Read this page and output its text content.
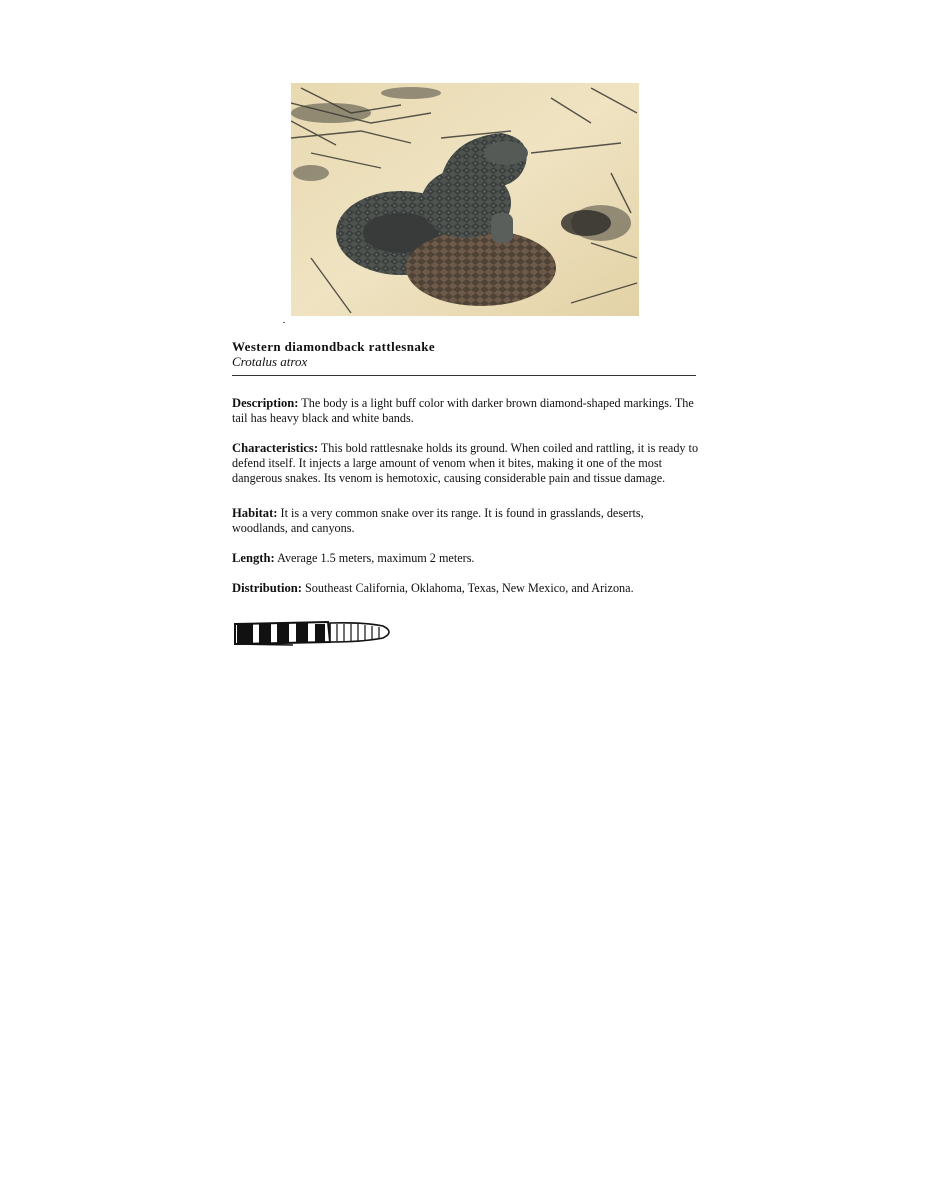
Western diamondback rattlesnake
Crotalus atrox

Description: The body is a light buff color with darker brown diamond-shaped markings. The tail has heavy black and white bands.

Characteristics: This bold rattlesnake holds its ground. When coiled and rattling, it is ready to defend itself. It injects a large amount of venom when it bites, making it one of the most dangerous snakes. Its venom is hemotoxic, causing considerable pain and tissue damage.

Habitat: It is a very common snake over its range. It is found in grasslands, deserts, woodlands, and canyons.

Length: Average 1.5 meters, maximum 2 meters.

Distribution: Southeast California, Oklahoma, Texas, New Mexico, and Arizona.
